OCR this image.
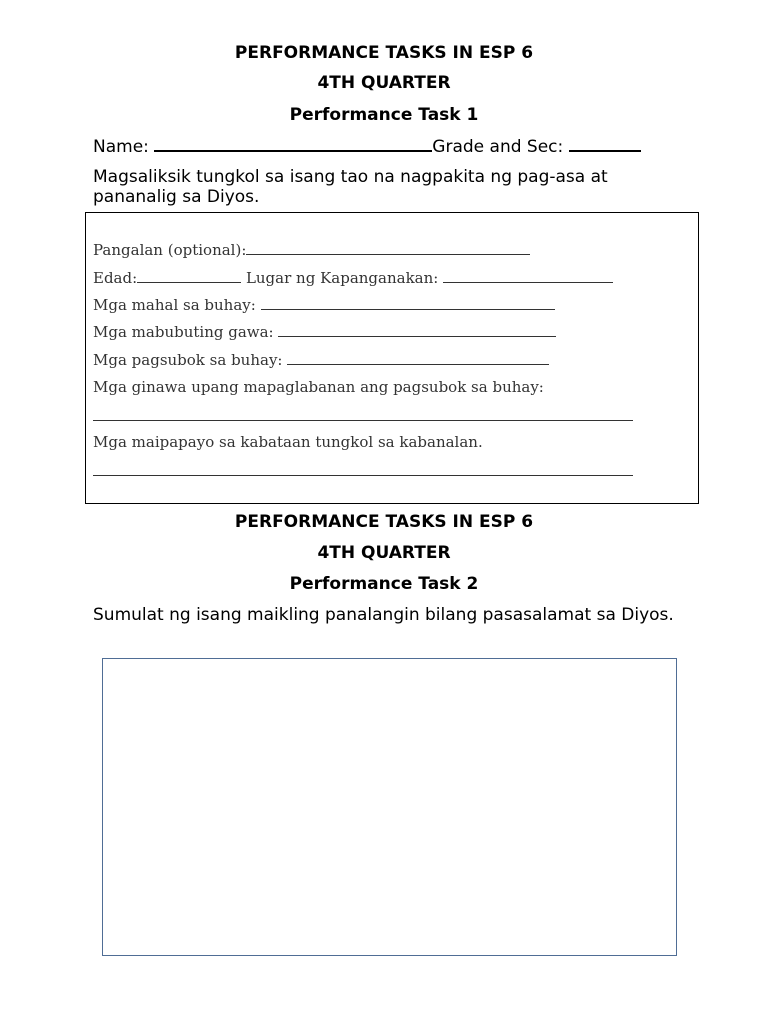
PERFORMANCE TASKS IN ESP 6
4TH QUARTER
Performance Task 1
Name:	Grade and Sec:
Magsaliksik tungkol sa isang tao na nagpakita ng pag-asa at pananalig sa Diyos.
Pangalan (optional):
Edad:	Lugar ng Kapanganakan:
Mga mahal sa buhay:
Mga mabubuting gawa:
Mga pagsubok sa buhay:
Mga ginawa upang mapaglabanan ang pagsubok sa buhay:
Mga maipapayo sa kabataan tungkol sa kabanalan.
PERFORMANCE TASKS IN ESP 6
4TH QUARTER
Performance Task 2
Sumulat ng isang maikling panalangin bilang pasasalamat sa Diyos.
